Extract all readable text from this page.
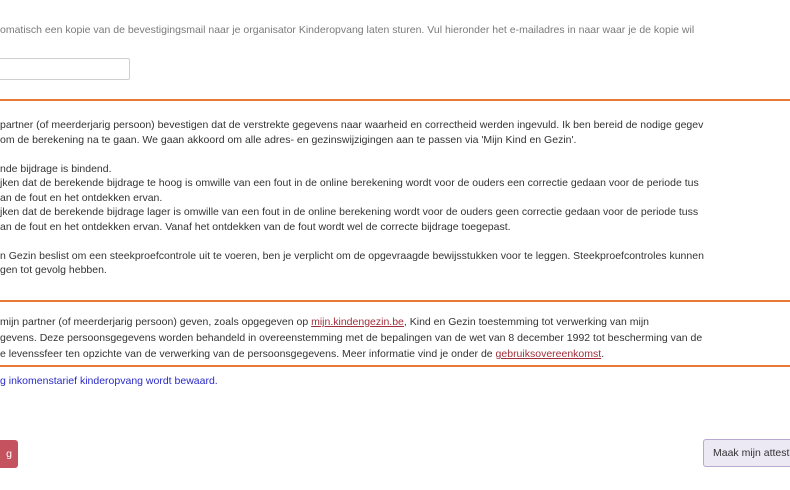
omatisch een kopie van de bevestigingsmail naar je organisator Kinderopvang laten sturen. Vul hieronder het e-mailadres in naar waar je de kopie wil
partner (of meerderjarig persoon) bevestigen dat de verstrekte gegevens naar waarheid en correctheid werden ingevuld. Ik ben bereid de nodige gegev
om de berekening na te gaan. We gaan akkoord om alle adres- en gezinswijzigingen aan te passen via 'Mijn Kind en Gezin'.

nde bijdrage is bindend.
jken dat de berekende bijdrage te hoog is omwille van een fout in de online berekening wordt voor de ouders een correctie gedaan voor de periode tus
an de fout en het ontdekken ervan.
jken dat de berekende bijdrage lager is omwille van een fout in de online berekening wordt voor de ouders geen correctie gedaan voor de periode tuss
an de fout en het ontdekken ervan. Vanaf het ontdekken van de fout wordt wel de correcte bijdrage toegepast.

n Gezin beslist om een steekproefcontrole uit te voeren, ben je verplicht om de opgevraagde bewijsstukken voor te leggen. Steekproefcontroles kunnen
gen tot gevolg hebben.
mijn partner (of meerderjarig persoon) geven, zoals opgegeven op mijn.kindengezin.be, Kind en Gezin toestemming tot verwerking van mijn
gevens. Deze persoonsgegevens worden behandeld in overeenstemming met de bepalingen van de wet van 8 december 1992 tot bescherming van de
e levenssfeer ten opzichte van de verwerking van de persoonsgegevens. Meer informatie vind je onder de gebruiksovereenkomst.
g inkomenstarief kinderopvang wordt bewaard.
g	Maak mijn attest
